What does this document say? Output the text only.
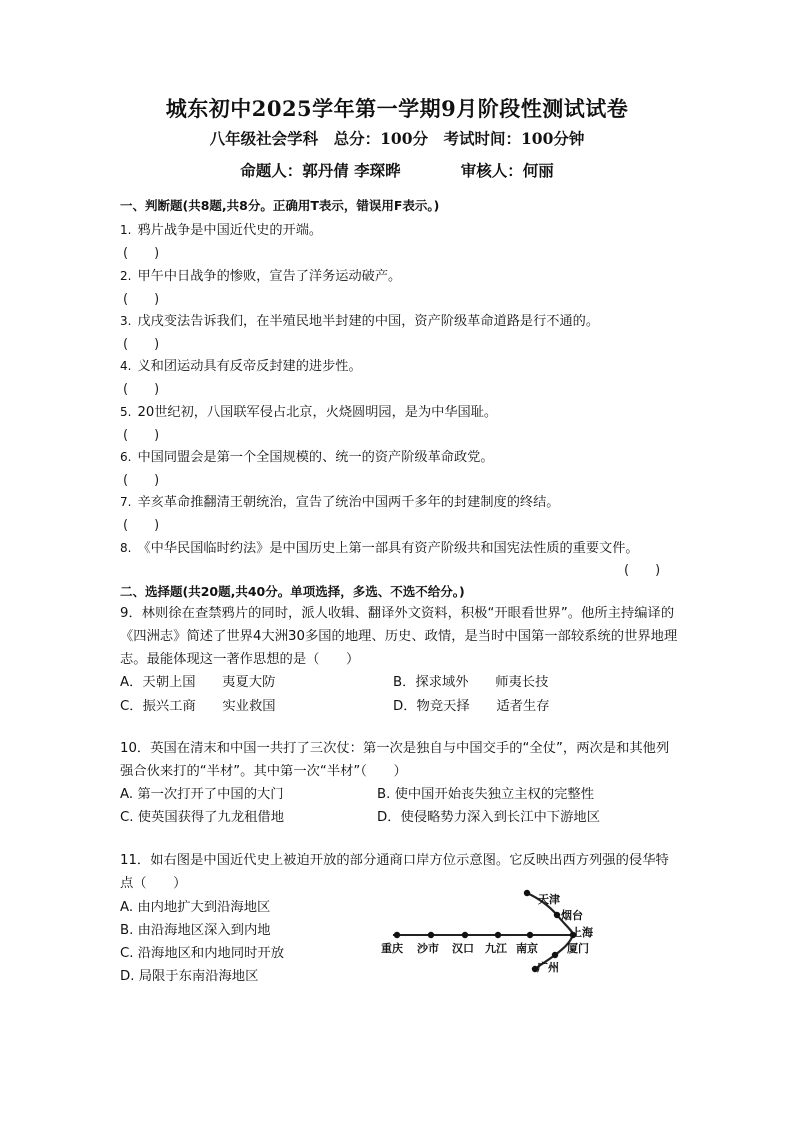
城东初中2025学年第一学期9月阶段性测试试卷
八年级社会学科　总分：100分　考试时间：100分钟
命题人：郭丹倩 李琛晔	审核人：何丽
一、判断题(共8题,共8分。正确用T表示，错误用F表示。)
1. 鸦片战争是中国近代史的开端。
(　　)
2. 甲午中日战争的惨败，宣告了洋务运动破产。
(　　)
3. 戊戌变法告诉我们，在半殖民地半封建的中国，资产阶级革命道路是行不通的。
(　　)
4. 义和团运动具有反帝反封建的进步性。
(　　)
5. 20世纪初，八国联军侵占北京，火烧圆明园，是为中华国耻。
(　　)
6. 中国同盟会是第一个全国规模的、统一的资产阶级革命政党。
(　　)
7. 辛亥革命推翻清王朝统治，宣告了统治中国两千多年的封建制度的终结。
(　　)
8. 《中华民国临时约法》是中国历史上第一部具有资产阶级共和国宪法性质的重要文件。
(　　)
二、选择题(共20题,共40分。单项选择，多选、不选不给分。)
9．林则徐在查禁鸦片的同时，派人收辑、翻译外文资料，积极“开眼看世界”。他所主持编译的《四洲志》简述了世界4大洲30多国的地理、历史、政情，是当时中国第一部较系统的世界地理志。最能体现这一著作思想的是（　　）
A．天朝上国　　夷夏大防	B．探求域外　　师夷长技
C．振兴工商　　实业救国	D．物竞天择　　适者生存
10．英国在清末和中国一共打了三次仗：第一次是独自与中国交手的“全仗”，两次是和其他列强合伙来打的“半材”。其中第一次“半材”（　　）
A. 第一次打开了中国的大门	B. 使中国开始丧失独立主权的完整性
C. 使英国获得了九龙租借地	D．使侵略势力深入到长江中下游地区
11．如右图是中国近代史上被迫开放的部分通商口岸方位示意图。它反映出西方列强的侵华特点（　　）
A. 由内地扩大到沿海地区
B. 由沿海地区深入到内地
C. 沿海地区和内地同时开放
D. 局限于东南沿海地区
天津
烟台
上海
厦门
广州
重庆 沙市 汉口 九江 南京
